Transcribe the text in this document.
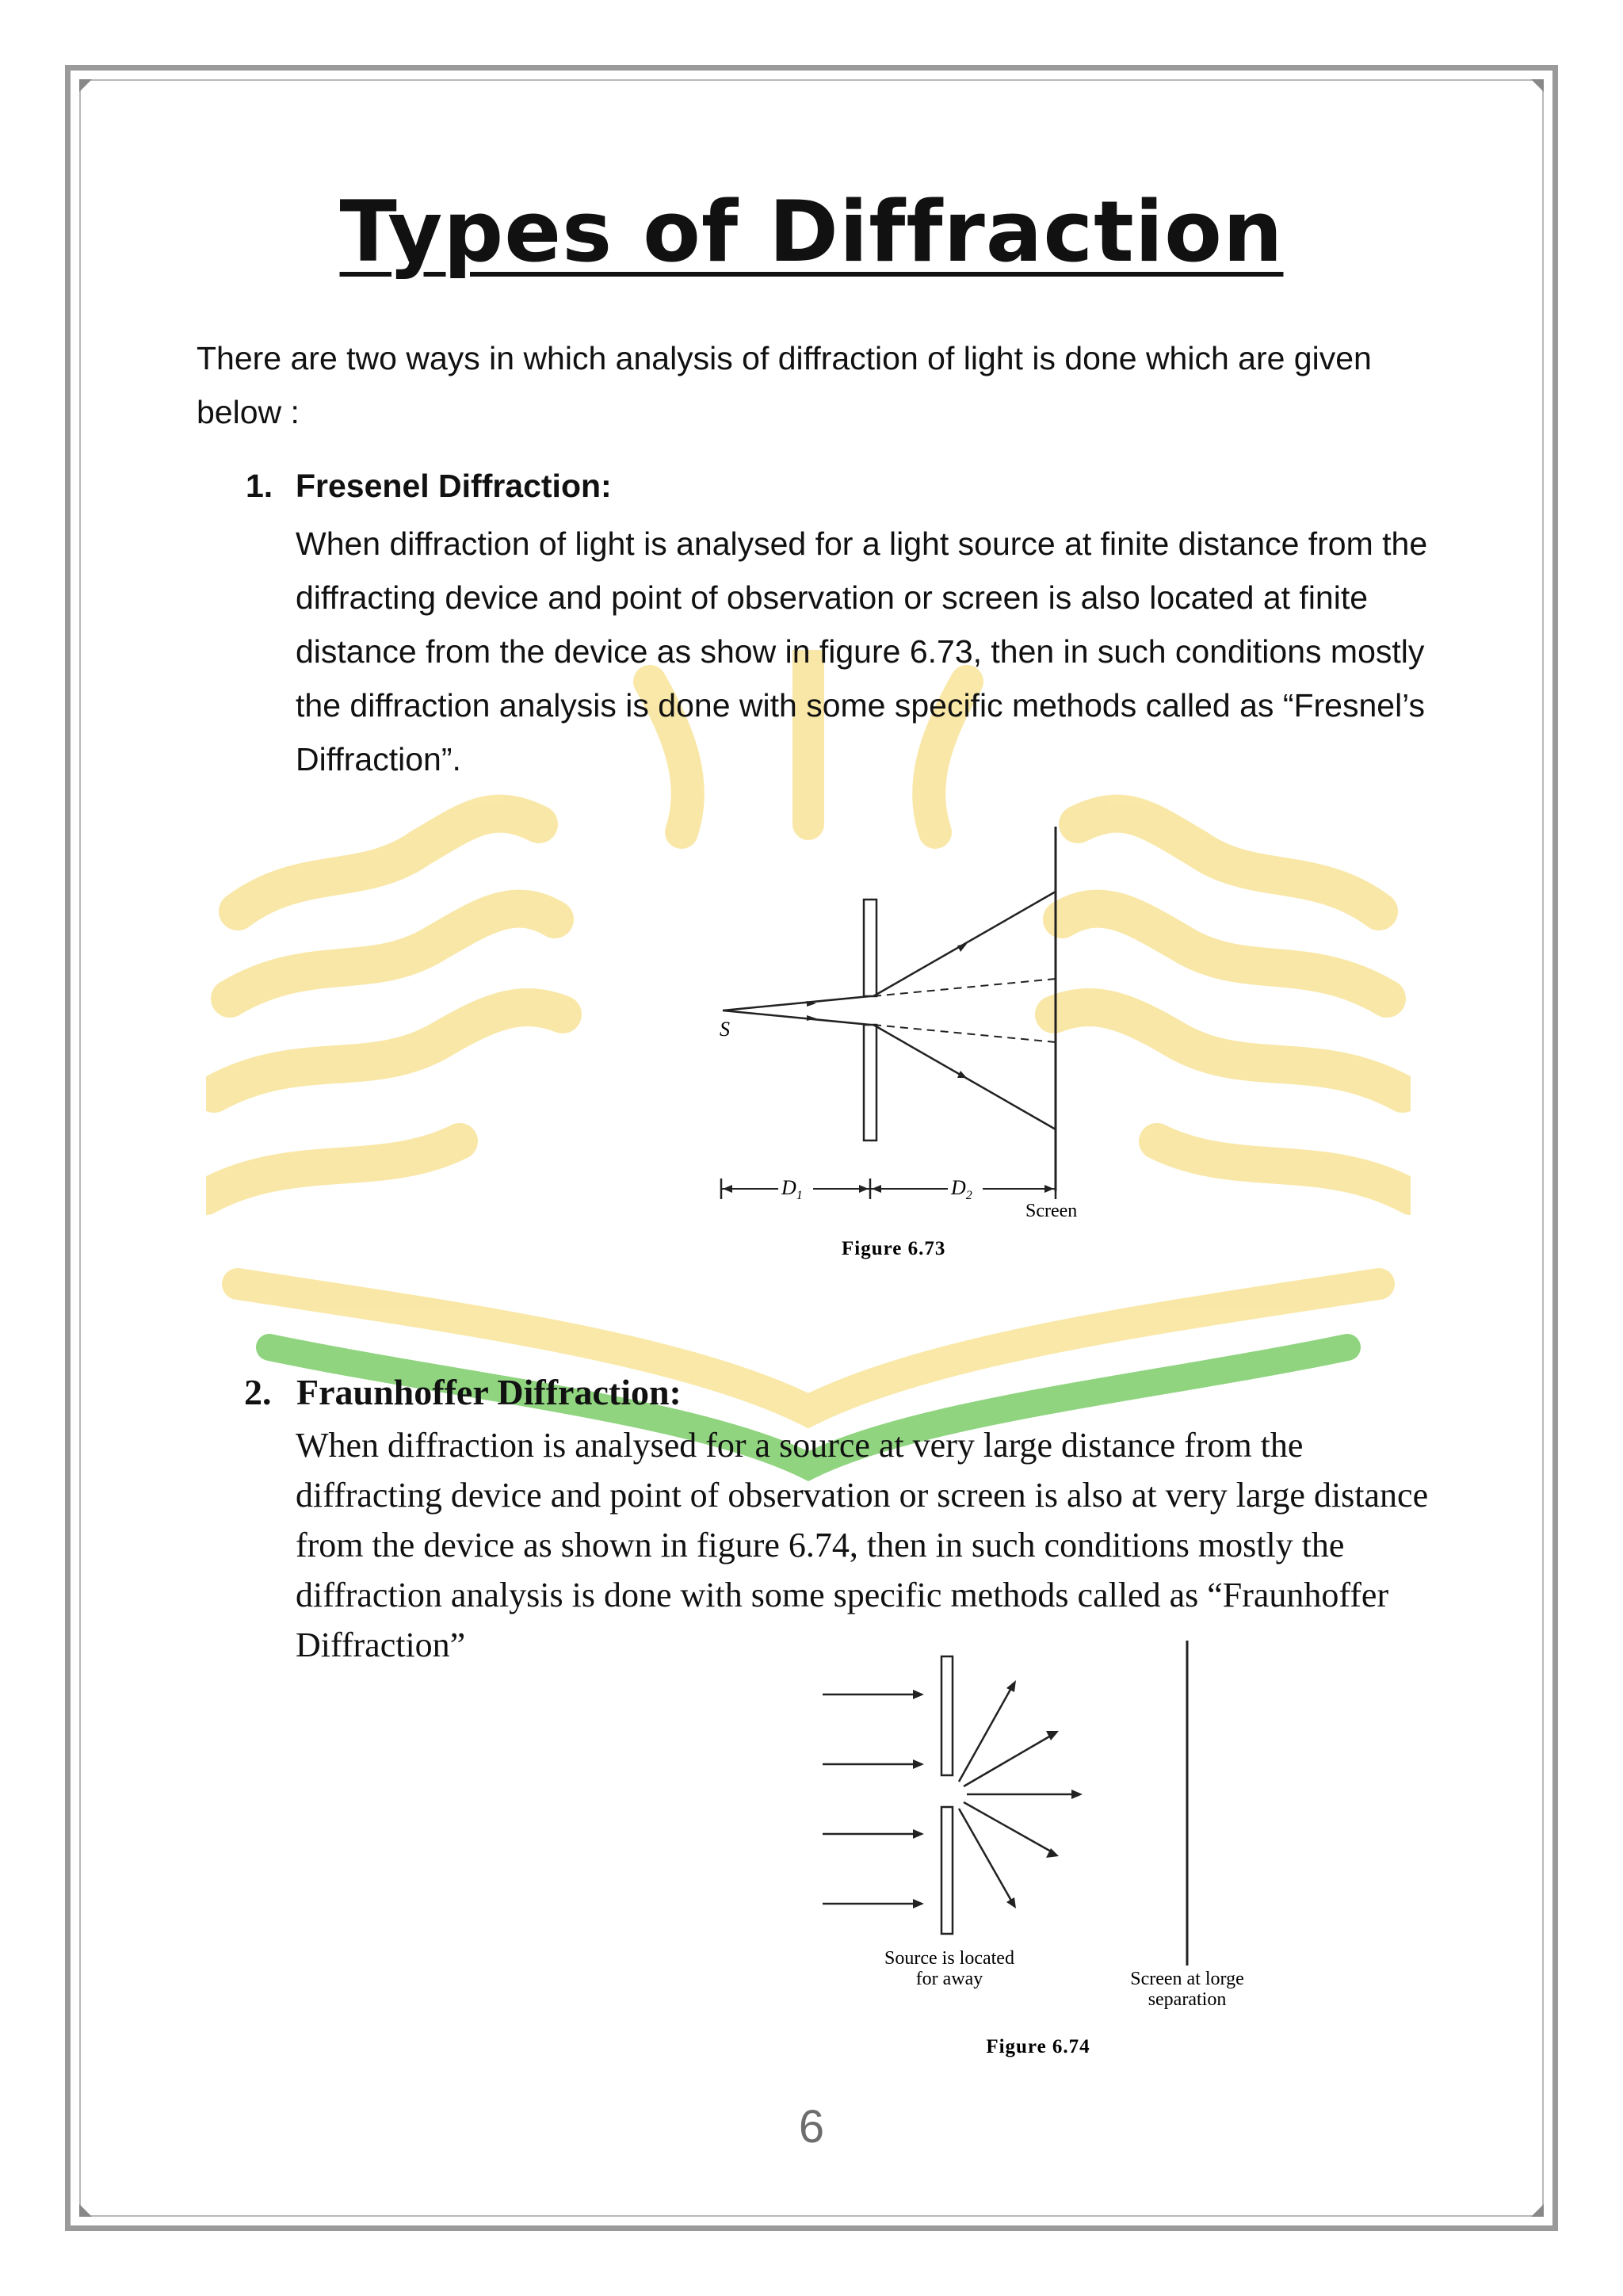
Types of Diffraction
There are two ways in which analysis of diffraction of light is done which are given below :
1. Fresenel Diffraction:
When diffraction of light is analysed for a light source at finite distance from the diffracting device and point of observation or screen is also located at finite distance from the device as show in figure 6.73, then in such conditions mostly the diffraction analysis is done with some specific methods called as “Fresnel’s Diffraction”.
S
$D_1$	$D_2$
Screen
Figure 6.73
2. Fraunhoffer Diffraction:
When diffraction is analysed for a source at very large distance from the diffracting device and point of observation or screen is also at very large distance from the device as shown in figure 6.74, then in such conditions mostly the diffraction analysis is done with some specific methods called as “Fraunhoffer Diffraction”
Source is located
for away	Screen at lorge
separation
Figure 6.74
6
